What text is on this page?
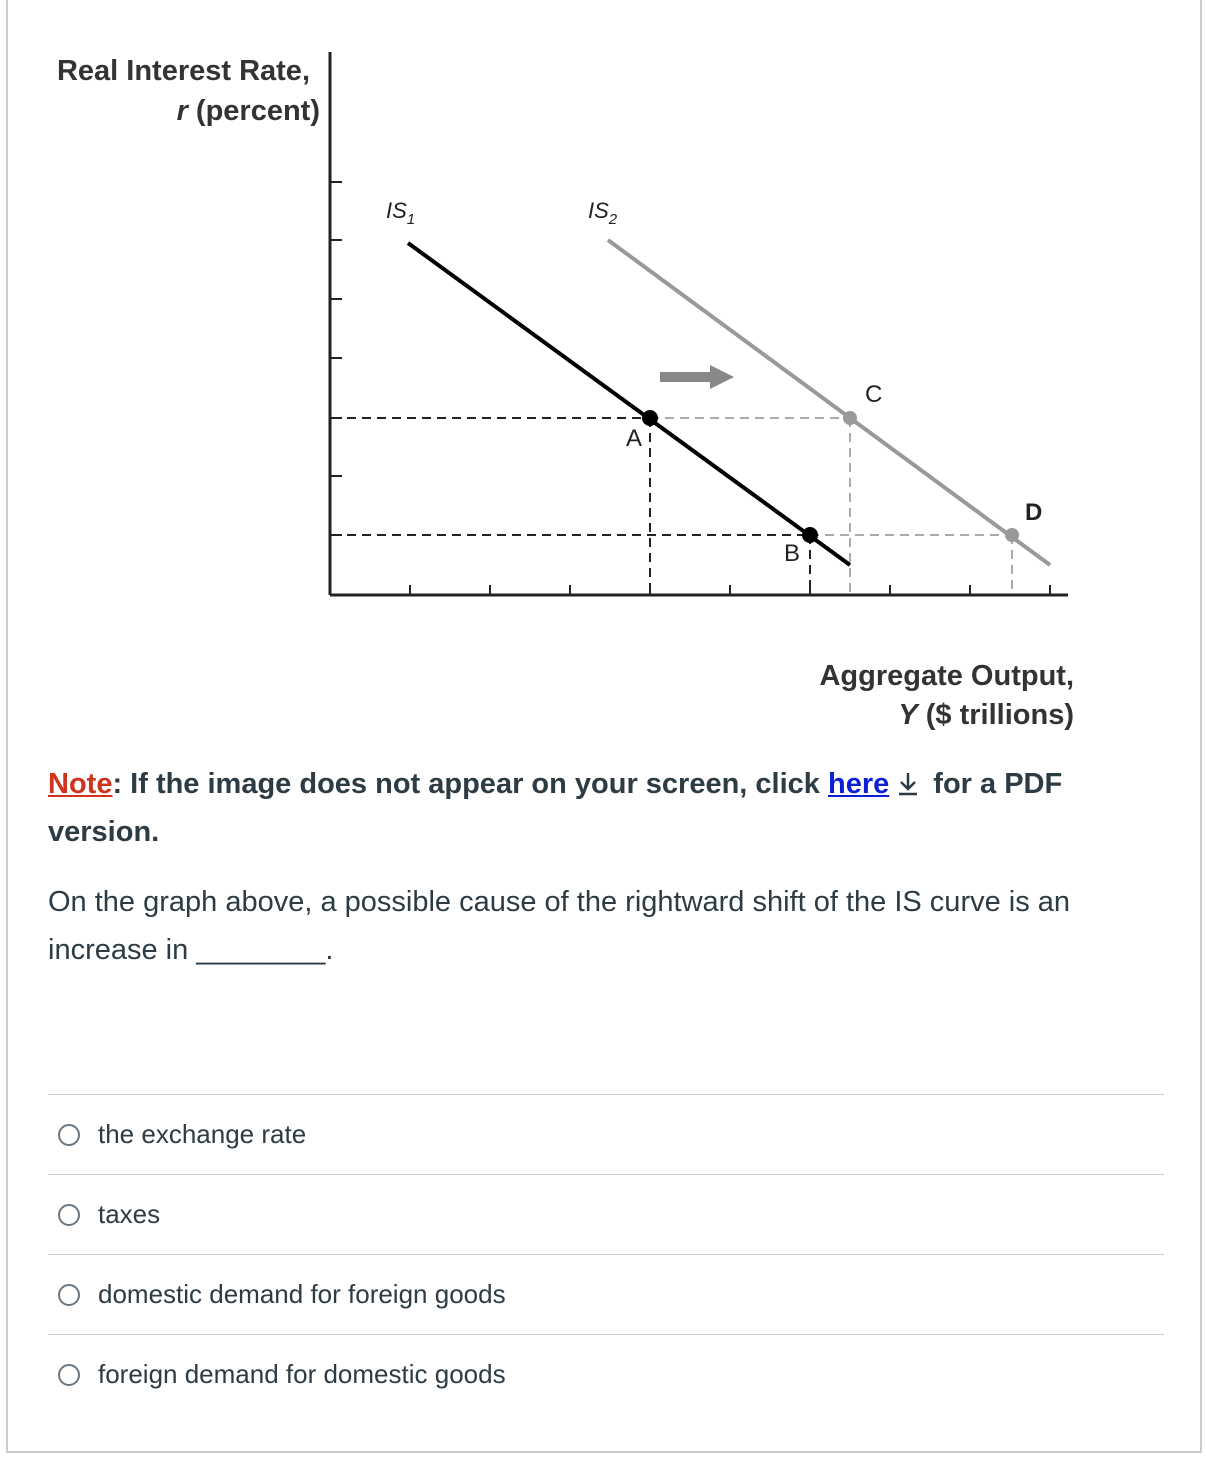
Real Interest Rate,
r (percent)
A
B
C
D
$IS_1$	$IS_2$
Aggregate Output,
Y ($ trillions)
Note: If the image does not appear on your screen, click here for a PDF version.
On the graph above, a possible cause of the rightward shift of the IS curve is an increase in ________.
the exchange rate
taxes
domestic demand for foreign goods
foreign demand for domestic goods
